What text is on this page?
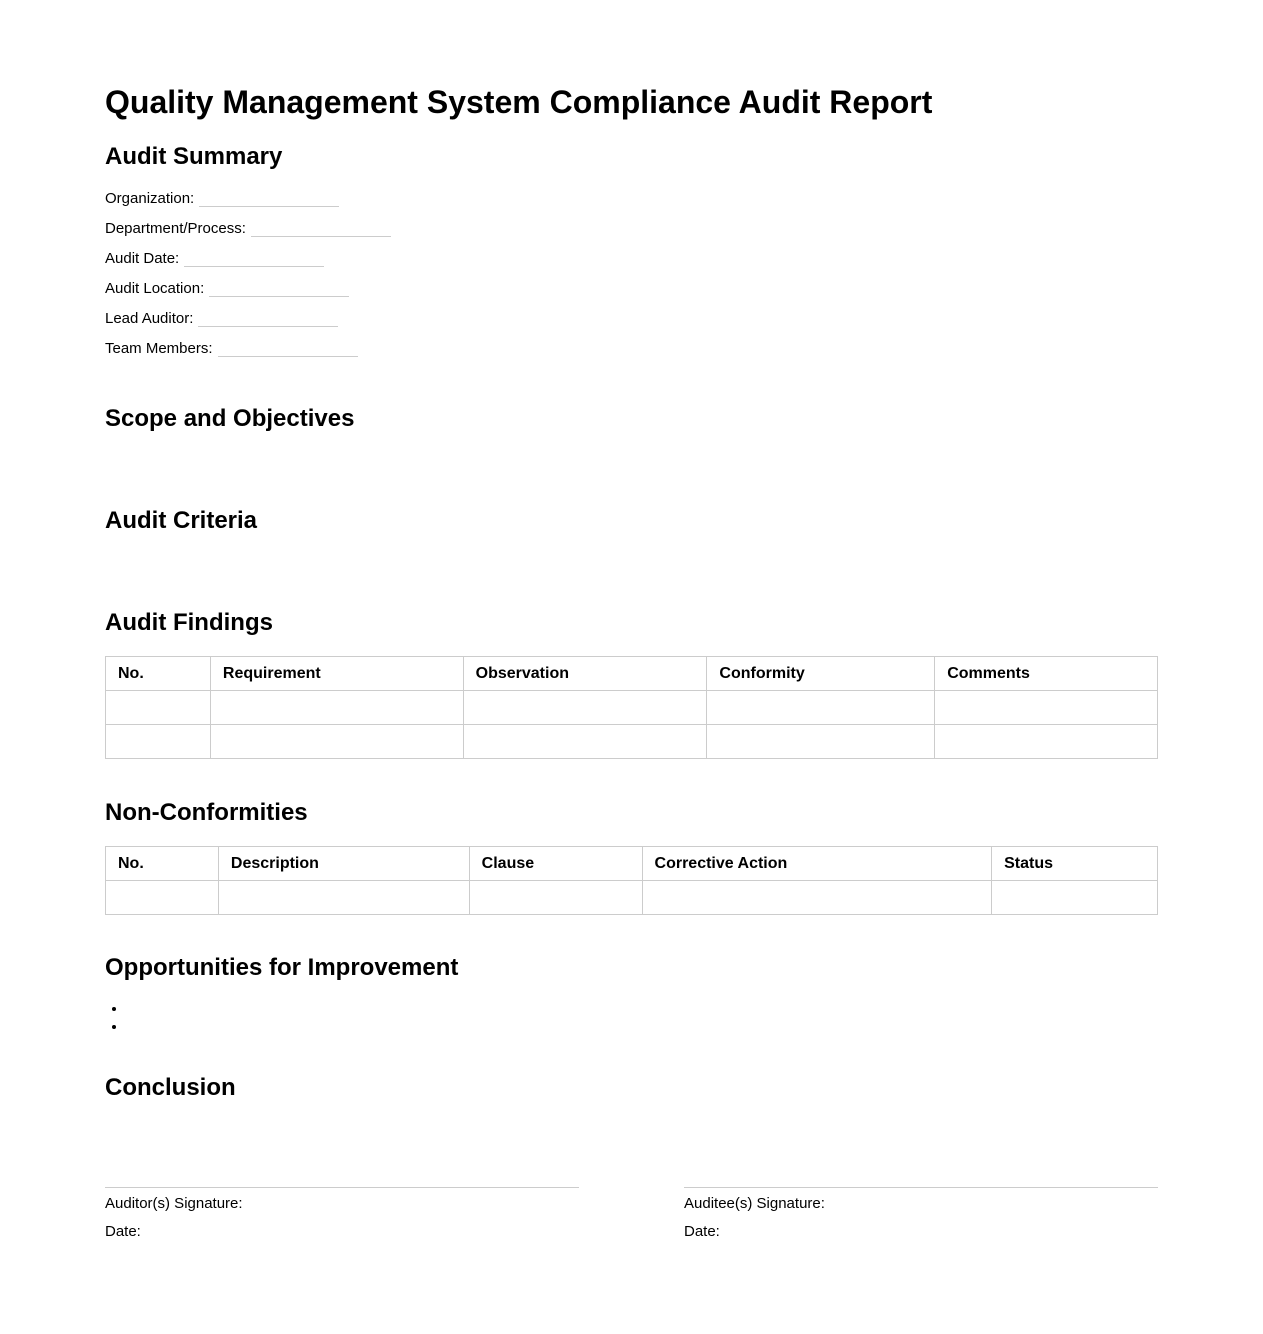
Quality Management System Compliance Audit Report
Audit Summary
Organization:
Department/Process:
Audit Date:
Audit Location:
Lead Auditor:
Team Members:
Scope and Objectives
Audit Criteria
Audit Findings
No.	Requirement	Observation	Conformity	Comments

Non-Conformities
No.	Description	Clause	Corrective Action	Status

Opportunities for Improvement
Conclusion
Auditor(s) Signature:
Date:
Auditee(s) Signature:
Date:
